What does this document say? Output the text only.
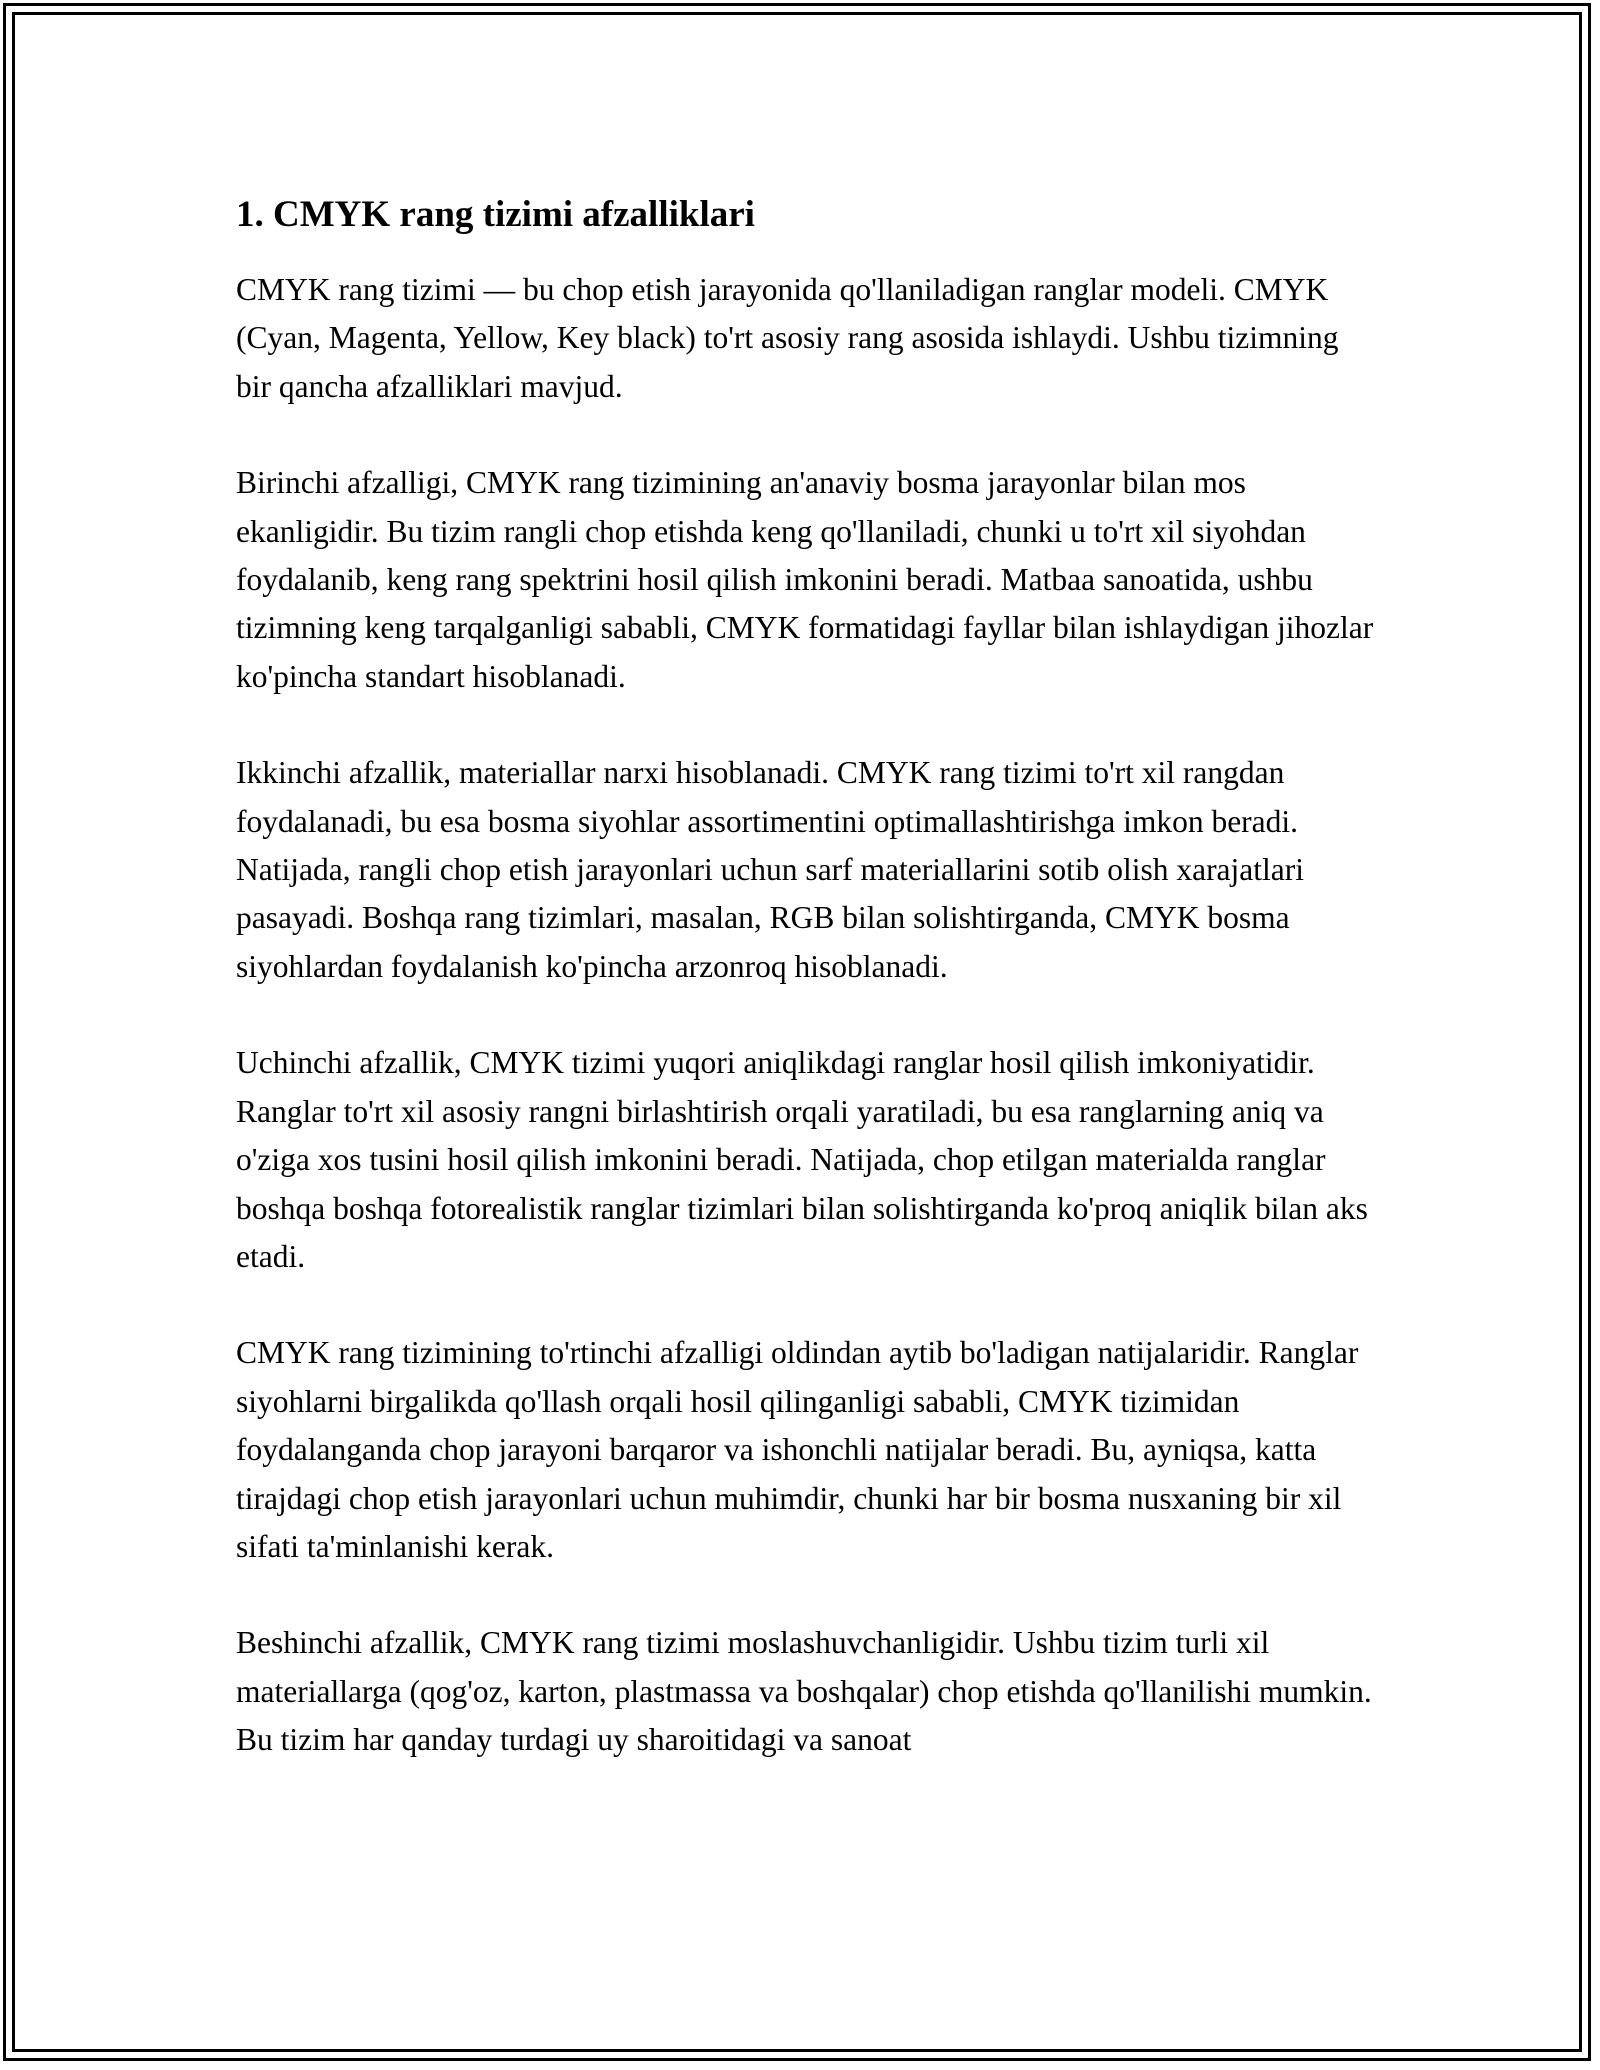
1. CMYK rang tizimi afzalliklari

CMYK rang tizimi — bu chop etish jarayonida qo'llaniladigan ranglar modeli. CMYK (Cyan, Magenta, Yellow, Key black) to'rt asosiy rang asosida ishlaydi. Ushbu tizimning bir qancha afzalliklari mavjud.

Birinchi afzalligi, CMYK rang tizimining an'anaviy bosma jarayonlar bilan mos ekanligidir. Bu tizim rangli chop etishda keng qo'llaniladi, chunki u to'rt xil siyohdan foydalanib, keng rang spektrini hosil qilish imkonini beradi. Matbaa sanoatida, ushbu tizimning keng tarqalganligi sababli, CMYK formatidagi fayllar bilan ishlaydigan jihozlar ko'pincha standart hisoblanadi.

Ikkinchi afzallik, materiallar narxi hisoblanadi. CMYK rang tizimi to'rt xil rangdan foydalanadi, bu esa bosma siyohlar assortimentini optimallashtirishga imkon beradi. Natijada, rangli chop etish jarayonlari uchun sarf materiallarini sotib olish xarajatlari pasayadi. Boshqa rang tizimlari, masalan, RGB bilan solishtirganda, CMYK bosma siyohlardan foydalanish ko'pincha arzonroq hisoblanadi.

Uchinchi afzallik, CMYK tizimi yuqori aniqlikdagi ranglar hosil qilish imkoniyatidir. Ranglar to'rt xil asosiy rangni birlashtirish orqali yaratiladi, bu esa ranglarning aniq va o'ziga xos tusini hosil qilish imkonini beradi. Natijada, chop etilgan materialda ranglar boshqa boshqa fotorealistik ranglar tizimlari bilan solishtirganda ko'proq aniqlik bilan aks etadi.

CMYK rang tizimining to'rtinchi afzalligi oldindan aytib bo'ladigan natijalaridir. Ranglar siyohlarni birgalikda qo'llash orqali hosil qilinganligi sababli, CMYK tizimidan foydalanganda chop jarayoni barqaror va ishonchli natijalar beradi. Bu, ayniqsa, katta tirajdagi chop etish jarayonlari uchun muhimdir, chunki har bir bosma nusxaning bir xil sifati ta'minlanishi kerak.

Beshinchi afzallik, CMYK rang tizimi moslashuvchanligidir. Ushbu tizim turli xil materiallarga (qog'oz, karton, plastmassa va boshqalar) chop etishda qo'llanilishi mumkin. Bu tizim har qanday turdagi uy sharoitidagi va sanoat
